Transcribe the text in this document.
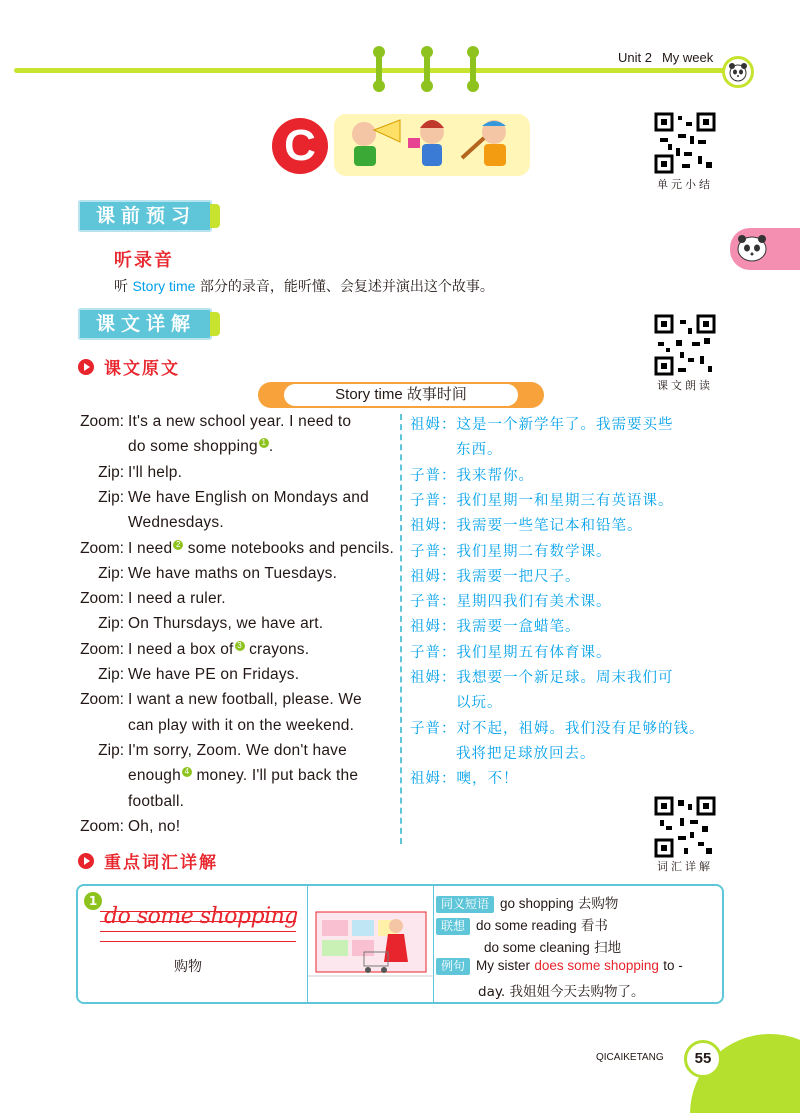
Unit 2 My week
C
单元小结
课文朗读
词汇详解
课前预习
听录音
听 Story time 部分的录音，能听懂、会复述并演出这个故事。
课文详解
课文原文
Story time 故事时间
Zoom: It's a new school year. I need to
do some shopping 1 .
Zip: I'll help.
Zip: We have English on Mondays and
Wednesdays.
Zoom: I need 2 some notebooks and pencils.
Zip: We have maths on Tuesdays.
Zoom: I need a ruler.
Zip: On Thursdays, we have art.
Zoom: I need a box of 3 crayons.
Zip: We have PE on Fridays.
Zoom: I want a new football, please. We
can play with it on the weekend.
Zip: I'm sorry, Zoom. We don't have
enough 4 money. I'll put back the
football.
Zoom: Oh, no!
祖姆：这是一个新学年了。我需要买些
东西。
子普：我来帮你。
子普：我们星期一和星期三有英语课。
祖姆：我需要一些笔记本和铅笔。
子普：我们星期二有数学课。
祖姆：我需要一把尺子。
子普：星期四我们有美术课。
祖姆：我需要一盒蜡笔。
子普：我们星期五有体育课。
祖姆：我想要一个新足球。周末我们可
以玩。
子普：对不起，祖姆。我们没有足够的钱。
我将把足球放回去。
祖姆：噢，不！
重点词汇详解
1
do some shopping
购物
同义短语 go shopping 去购物
联想 do some reading 看书
do some cleaning 扫地
例句 My sister does some shopping to -
day. 我姐姐今天去购物了。
QICAIKETANG	55
